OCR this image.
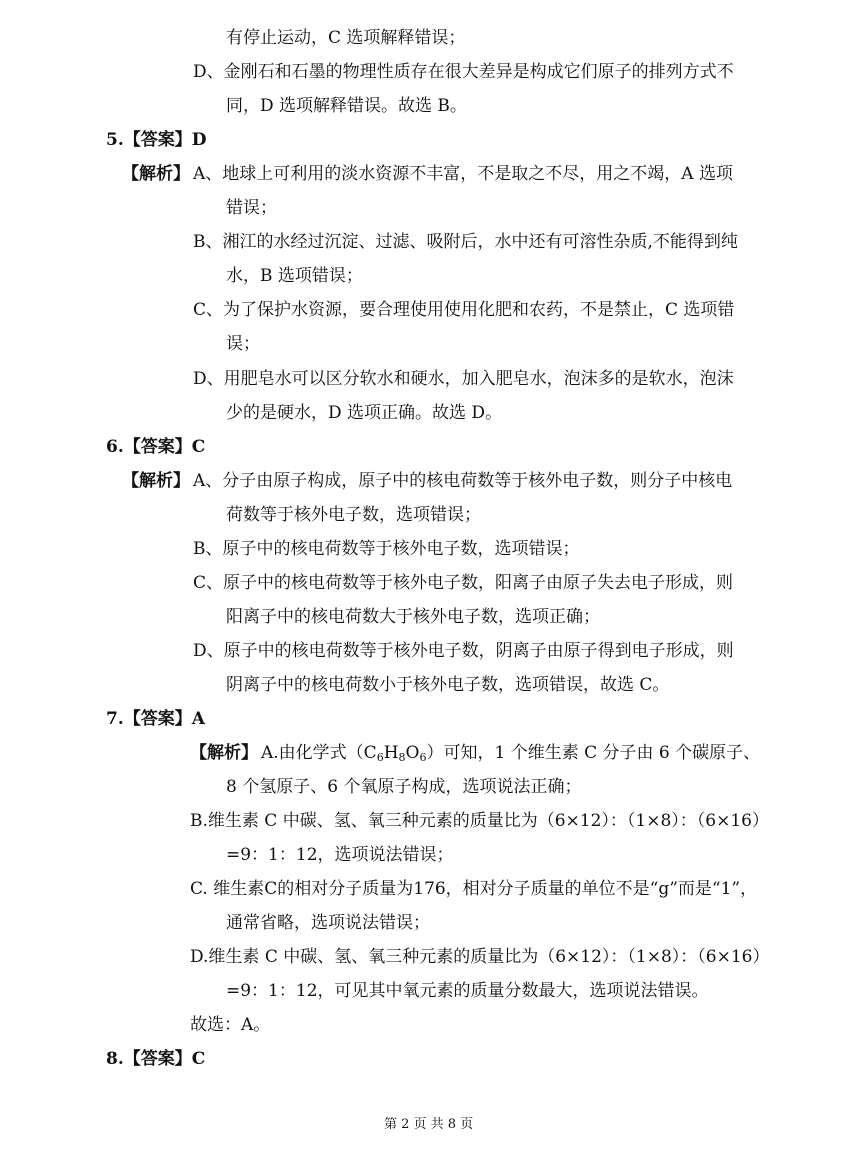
有停止运动，C 选项解释错误；
D、金刚石和石墨的物理性质存在很大差异是构成它们原子的排列方式不
同，D 选项解释错误。故选 B。
5.【答案】D
【解析】 A、地球上可利用的淡水资源不丰富，不是取之不尽，用之不竭，A 选项
错误；
B、湘江的水经过沉淀、过滤、吸附后，水中还有可溶性杂质,不能得到纯
水，B 选项错误；
C、为了保护水资源，要合理使用使用化肥和农药，不是禁止，C 选项错
误；
D、用肥皂水可以区分软水和硬水，加入肥皂水，泡沫多的是软水，泡沫
少的是硬水，D 选项正确。故选 D。
6.【答案】C
【解析】 A、分子由原子构成，原子中的核电荷数等于核外电子数，则分子中核电
荷数等于核外电子数，选项错误；
B、原子中的核电荷数等于核外电子数，选项错误；
C、原子中的核电荷数等于核外电子数，阳离子由原子失去电子形成，则
阳离子中的核电荷数大于核外电子数，选项正确；
D、原子中的核电荷数等于核外电子数，阴离子由原子得到电子形成，则
阴离子中的核电荷数小于核外电子数，选项错误，故选 C。
7.【答案】A
【解析】 A.由化学式$(C_6H_8O_6)$可知，1 个维生素 C 分子由 6 个碳原子、
8 个氢原子、6 个氧原子构成，选项说法正确；
B.维生素 C 中碳、氢、氧三种元素的质量比为（6×12）：（1×8）：（6×16）
=9：1：12，选项说法错误；
C. 维生素C的相对分子质量为176，相对分子质量的单位不是“g”而是“1”，
通常省略，选项说法错误；
D.维生素 C 中碳、氢、氧三种元素的质量比为（6×12）：（1×8）：（6×16）
=9：1：12，可见其中氧元素的质量分数最大，选项说法错误。
故选：A。
8.【答案】C
第 2 页 共 8 页
